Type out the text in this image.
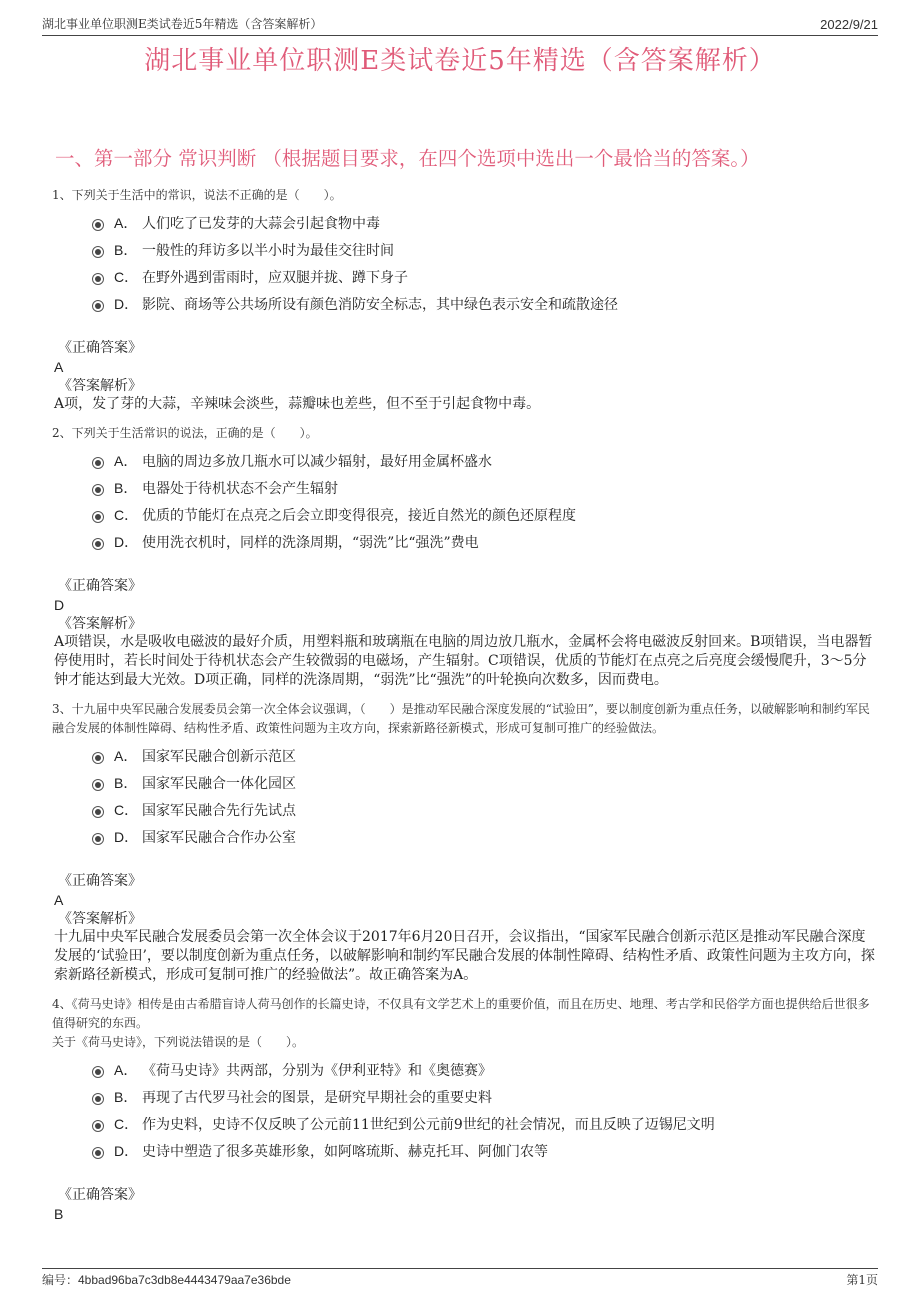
湖北事业单位职测E类试卷近5年精选（含答案解析）	2022/9/21
湖北事业单位职测E类试卷近5年精选（含答案解析）
一、第一部分 常识判断 （根据题目要求，在四个选项中选出一个最恰当的答案。）

1、下列关于生活中的常识，说法不正确的是（　　）。

A． 人们吃了已发芽的大蒜会引起食物中毒
B． 一般性的拜访多以半小时为最佳交往时间
C． 在野外遇到雷雨时，应双腿并拢、蹲下身子
D． 影院、商场等公共场所设有颜色消防安全标志，其中绿色表示安全和疏散途径
《正确答案》
A
《答案解析》

A项，发了芽的大蒜，辛辣味会淡些，蒜瓣味也差些，但不至于引起食物中毒。

2、下列关于生活常识的说法，正确的是（　　）。

A． 电脑的周边多放几瓶水可以减少辐射，最好用金属杯盛水
B． 电器处于待机状态不会产生辐射
C． 优质的节能灯在点亮之后会立即变得很亮，接近自然光的颜色还原程度
D． 使用洗衣机时，同样的洗涤周期，“弱洗”比“强洗”费电
《正确答案》
D
《答案解析》

A项错误，水是吸收电磁波的最好介质，用塑料瓶和玻璃瓶在电脑的周边放几瓶水，金属杯会将电磁波反射回来。B项错误，当电器暂停使用时，若长时间处于待机状态会产生较微弱的电磁场，产生辐射。C项错误，优质的节能灯在点亮之后亮度会缓慢爬升，3～5分钟才能达到最大光效。D项正确，同样的洗涤周期，“弱洗”比“强洗”的叶轮换向次数多，因而费电。

3、十九届中央军民融合发展委员会第一次全体会议强调，（　　）是推动军民融合深度发展的“试验田”，要以制度创新为重点任务，以破解影响和制约军民融合发展的体制性障碍、结构性矛盾、政策性问题为主攻方向，探索新路径新模式，形成可复制可推广的经验做法。

A． 国家军民融合创新示范区
B． 国家军民融合一体化园区
C． 国家军民融合先行先试点
D． 国家军民融合合作办公室
《正确答案》
A
《答案解析》

十九届中央军民融合发展委员会第一次全体会议于2017年6月20日召开，会议指出，“国家军民融合创新示范区是推动军民融合深度发展的‘试验田’，要以制度创新为重点任务，以破解影响和制约军民融合发展的体制性障碍、结构性矛盾、政策性问题为主攻方向，探索新路径新模式，形成可复制可推广的经验做法”。故正确答案为A。

4、《荷马史诗》相传是由古希腊盲诗人荷马创作的长篇史诗，不仅具有文学艺术上的重要价值，而且在历史、地理、考古学和民俗学方面也提供给后世很多值得研究的东西。

关于《荷马史诗》，下列说法错误的是（　　）。

A． 《荷马史诗》共两部，分别为《伊利亚特》和《奥德赛》
B． 再现了古代罗马社会的图景，是研究早期社会的重要史料
C． 作为史料，史诗不仅反映了公元前11世纪到公元前9世纪的社会情况，而且反映了迈锡尼文明
D． 史诗中塑造了很多英雄形象，如阿喀琉斯、赫克托耳、阿伽门农等
《正确答案》
B
编号：4bbad96ba7c3db8e4443479aa7e36bde	第1页
